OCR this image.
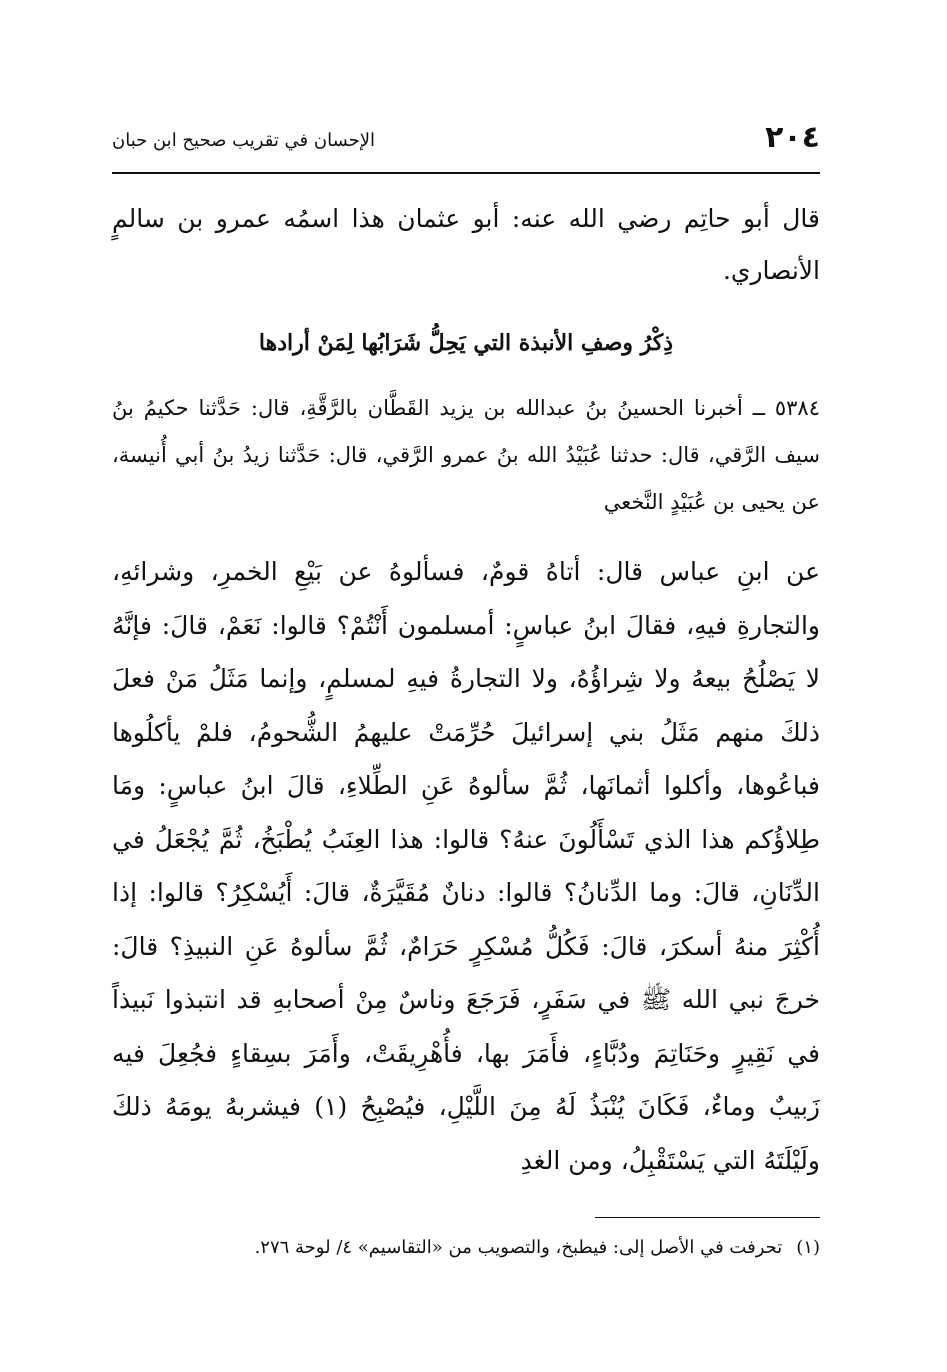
٢٠٤
الإحسان في تقريب صحيح ابن حبان

قال أبو حاتِم رضي الله عنه: أبو عثمان هذا اسمُه عمرو بن سالمٍ الأنصاري.

ذِكْرُ وصفِ الأنبذة التي يَحِلُّ شَرَابُها لِمَنْ أرادها

٥٣٨٤ ــ أخبرنا الحسينُ بنُ عبدالله بن يزيد القَطَّان بالرَّقَّةِ، قال: حَدَّثنا حكيمُ بنُ سيف الرَّقي، قال: حدثنا عُبَيْدُ الله بنُ عمرو الرَّقي، قال: حَدَّثنا زيدُ بنُ أبي أُنيسة، عن يحيى بن عُبَيْدٍ النَّخعي

عن ابنِ عباس قال: أتاهُ قومٌ، فسألوهُ عن بَيْعِ الخمرِ، وشرائهِ، والتجارةِ فيهِ، فقالَ ابنُ عباسٍ: أمسلمون أَنْتُمْ؟ قالوا: نَعَمْ، قالَ: فإنَّهُ لا يَصْلُحُ بيعهُ ولا شِراؤُهُ، ولا التجارةُ فيهِ لمسلمٍ، وإنما مَثَلُ مَنْ فعلَ ذلكَ منهم مَثَلُ بني إسرائيلَ حُرِّمَتْ عليهمُ الشُّحومُ، فلمْ يأكلُوها فباعُوها، وأكلوا أثمانَها، ثُمَّ سألوهُ عَنِ الطِّلاءِ، قالَ ابنُ عباسٍ: ومَا طِلاؤُكم هذا الذي تَسْأَلُونَ عنهُ؟ قالوا: هذا العِنَبُ يُطْبَخُ، ثُمَّ يُجْعَلُ في الدِّنَانِ، قالَ: وما الدِّنانُ؟ قالوا: دنانٌ مُقَيَّرَةٌ، قالَ: أَيُسْكِرُ؟ قالوا: إذا أُكْثِرَ منهُ أسكرَ، قالَ: فَكُلُّ مُسْكِرٍ حَرَامٌ، ثُمَّ سألوهُ عَنِ النبيذِ؟ قالَ: خرجَ نبي الله ﷺ في سَفَرٍ، فَرَجَعَ وناسٌ مِنْ أصحابهِ قد انتبذوا نَبيذاً في نَقِيرٍ وحَنَاتِمَ ودُبَّاءٍ، فأَمَرَ بها، فأُهْرِيقَتْ، وأَمَرَ بسِقاءٍ فجُعِلَ فيه زَبيبٌ وماءٌ، فَكَانَ يُنْبَذُ لَهُ مِنَ اللَّيْلِ، فيُصْبِحُ (١) فيشربهُ يومَهُ ذلكَ ولَيْلَتَهُ التي يَسْتَقْبِلُ، ومن الغدِ

(١)تحرفت في الأصل إلى: فيطبخ، والتصويب من «التقاسيم» ٤/ لوحة ٢٧٦.
